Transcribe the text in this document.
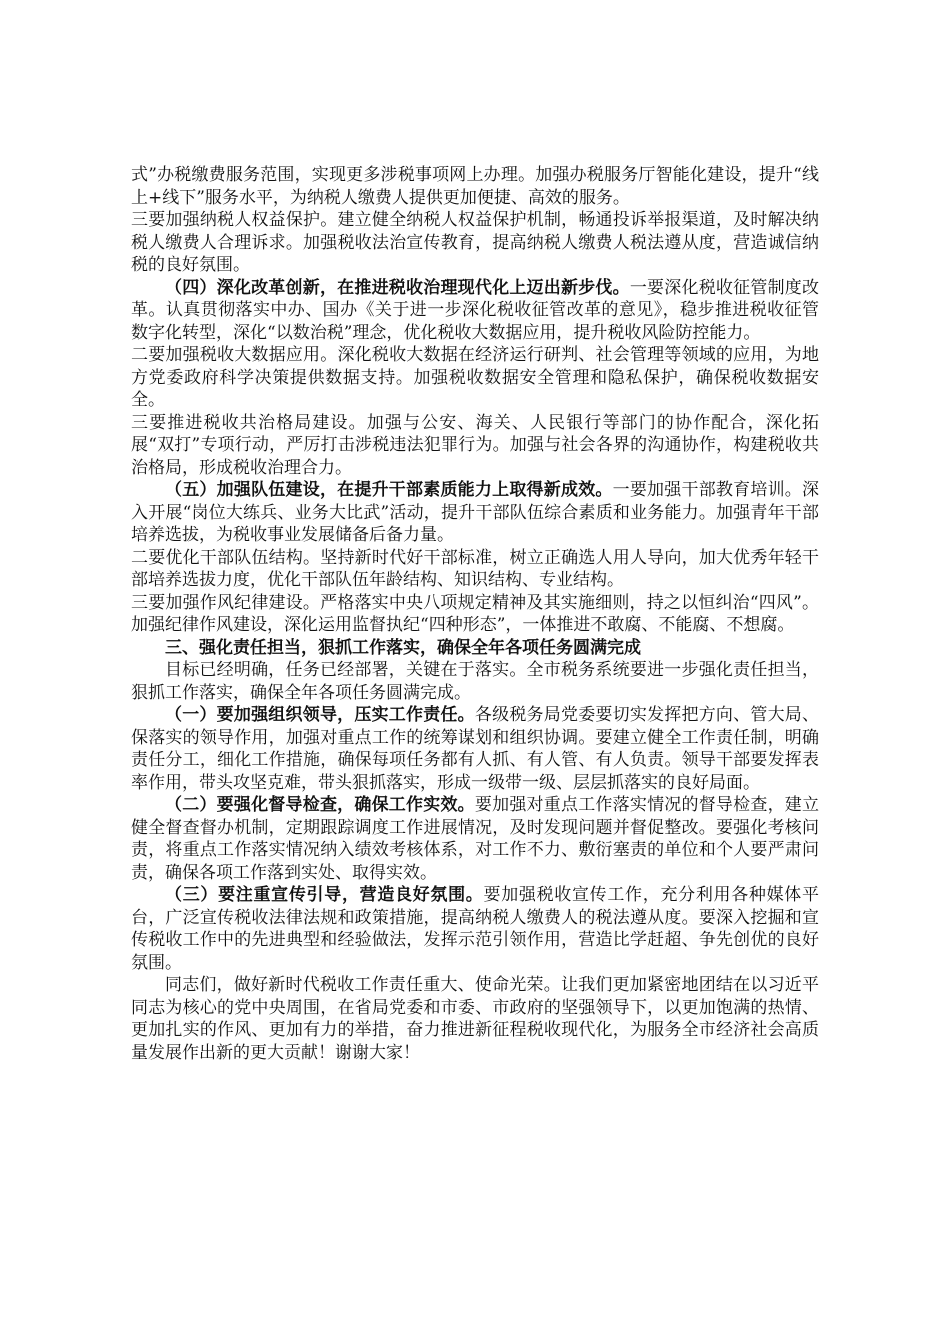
式”办税缴费服务范围，实现更多涉税事项网上办理。加强办税服务厅智能化建设，提升“线上+线下”服务水平，为纳税人缴费人提供更加便捷、高效的服务。

三要加强纳税人权益保护。建立健全纳税人权益保护机制，畅通投诉举报渠道，及时解决纳税人缴费人合理诉求。加强税收法治宣传教育，提高纳税人缴费人税法遵从度，营造诚信纳税的良好氛围。

（四）深化改革创新，在推进税收治理现代化上迈出新步伐。一要深化税收征管制度改革。认真贯彻落实中办、国办《关于进一步深化税收征管改革的意见》，稳步推进税收征管数字化转型，深化“以数治税”理念，优化税收大数据应用，提升税收风险防控能力。

二要加强税收大数据应用。深化税收大数据在经济运行研判、社会管理等领域的应用，为地方党委政府科学决策提供数据支持。加强税收数据安全管理和隐私保护，确保税收数据安全。

三要推进税收共治格局建设。加强与公安、海关、人民银行等部门的协作配合，深化拓展“双打”专项行动，严厉打击涉税违法犯罪行为。加强与社会各界的沟通协作，构建税收共治格局，形成税收治理合力。

（五）加强队伍建设，在提升干部素质能力上取得新成效。一要加强干部教育培训。深入开展“岗位大练兵、业务大比武”活动，提升干部队伍综合素质和业务能力。加强青年干部培养选拔，为税收事业发展储备后备力量。

二要优化干部队伍结构。坚持新时代好干部标准，树立正确选人用人导向，加大优秀年轻干部培养选拔力度，优化干部队伍年龄结构、知识结构、专业结构。

三要加强作风纪律建设。严格落实中央八项规定精神及其实施细则，持之以恒纠治“四风”。加强纪律作风建设，深化运用监督执纪“四种形态”，一体推进不敢腐、不能腐、不想腐。

三、强化责任担当，狠抓工作落实，确保全年各项任务圆满完成

目标已经明确，任务已经部署，关键在于落实。全市税务系统要进一步强化责任担当，狠抓工作落实，确保全年各项任务圆满完成。

（一）要加强组织领导，压实工作责任。各级税务局党委要切实发挥把方向、管大局、保落实的领导作用，加强对重点工作的统筹谋划和组织协调。要建立健全工作责任制，明确责任分工，细化工作措施，确保每项任务都有人抓、有人管、有人负责。领导干部要发挥表率作用，带头攻坚克难，带头狠抓落实，形成一级带一级、层层抓落实的良好局面。

（二）要强化督导检查，确保工作实效。要加强对重点工作落实情况的督导检查，建立健全督查督办机制，定期跟踪调度工作进展情况，及时发现问题并督促整改。要强化考核问责，将重点工作落实情况纳入绩效考核体系，对工作不力、敷衍塞责的单位和个人要严肃问责，确保各项工作落到实处、取得实效。

（三）要注重宣传引导，营造良好氛围。要加强税收宣传工作，充分利用各种媒体平台，广泛宣传税收法律法规和政策措施，提高纳税人缴费人的税法遵从度。要深入挖掘和宣传税收工作中的先进典型和经验做法，发挥示范引领作用，营造比学赶超、争先创优的良好氛围。

同志们，做好新时代税收工作责任重大、使命光荣。让我们更加紧密地团结在以习近平同志为核心的党中央周围，在省局党委和市委、市政府的坚强领导下，以更加饱满的热情、更加扎实的作风、更加有力的举措，奋力推进新征程税收现代化，为服务全市经济社会高质量发展作出新的更大贡献！谢谢大家！
